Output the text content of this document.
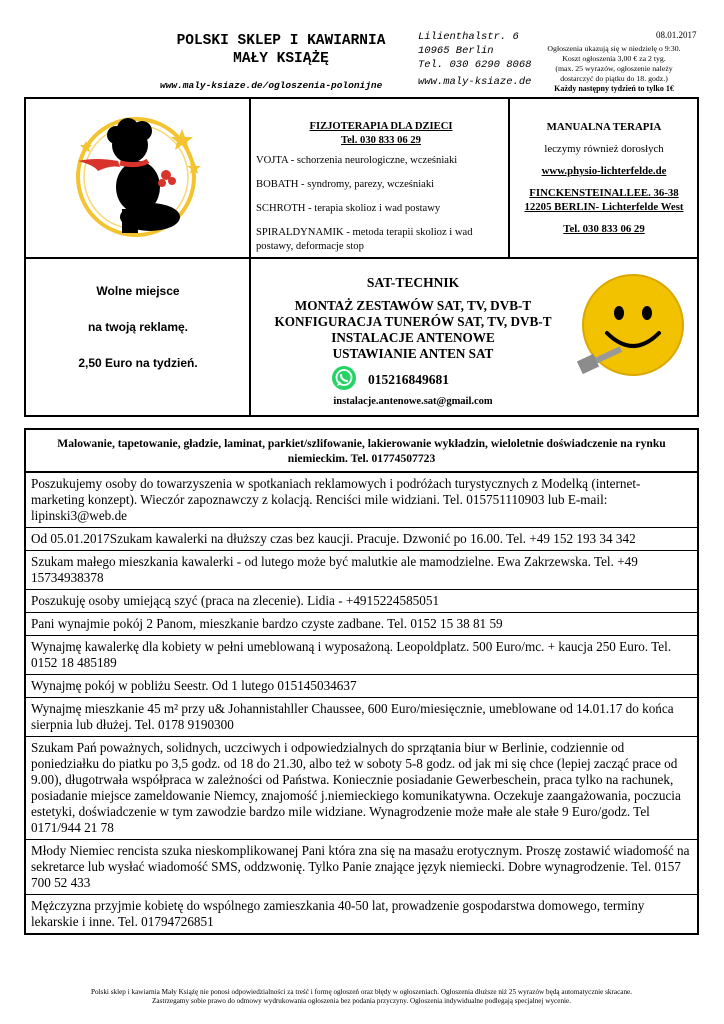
POLSKI SKLEP I KAWIARNIA
MAŁY KSIĄŻĘ
www.maly-ksiaze.de/ogloszenia-polonijne
Lilienthalstr. 6
10965 Berlin
Tel. 030 6290 8068
www.maly-ksiaze.de
08.01.2017
Ogłoszenia ukazują się w niedzielę o 9:30.
Koszt ogłoszenia 3,00 € za 2 tyg.
(max. 25 wyrazów, ogłoszenie należy
dostarczyć do piątku do 18. godz.)
Każdy następny tydzień to tylko 1€

FIZJOTERAPIA DLA DZIECI

Tel. 030 833 06 29

VOJTA - schorzenia neurologiczne, wcześniaki

BOBATH - syndromy, parezy, wcześniaki

SCHROTH - terapia skolioz i wad postawy

SPIRALDYNAMIK - metoda terapii skolioz i wad postawy, deformacje stop

MANUALNA TERAPIA

leczymy również dorosłych

www.physio-lichterfelde.de

FINCKENSTEINALLEE. 36-38

12205 BERLIN- Lichterfelde West

Tel. 030 833 06 29

Wolne miejsce

na twoją reklamę.

2,50 Euro na tydzień.

SAT-TECHNIK
MONTAŻ ZESTAWÓW SAT, TV, DVB-T
KONFIGURACJA TUNERÓW SAT, TV, DVB-T
INSTALACJE ANTENOWE
USTAWIANIE ANTEN SAT
015216849681
instalacje.antenowe.sat@gmail.com
Malowanie, tapetowanie, gładzie, laminat, parkiet/szlifowanie, lakierowanie wykładzin, wieloletnie doświadczenie na rynku niemieckim. Tel. 01774507723
Poszukujemy osoby do towarzyszenia w spotkaniach reklamowych i podróżach turystycznych z Modelką (internet-marketing konzept). Wieczór zapoznawczy z kolacją. Renciści mile widziani. Tel. 015751110903 lub E-mail: lipinski3@web.de
Od 05.01.2017Szukam kawalerki na dłuższy czas bez kaucji. Pracuje. Dzwonić po 16.00. Tel. +49 152 193 34 342
Szukam małego mieszkania kawalerki - od lutego może być malutkie ale mamodzielne. Ewa Zakrzewska. Tel. +49 15734938378
Poszukuję osoby umiejącą szyć (praca na zlecenie). Lidia - +4915224585051
Pani wynajmie pokój 2 Panom, mieszkanie bardzo czyste zadbane. Tel. 0152 15 38 81 59
Wynajmę kawalerkę dla kobiety w pełni umeblowaną i wyposażoną. Leopoldplatz. 500 Euro/mc. + kaucja 250 Euro. Tel. 0152 18 485189
Wynajmę pokój w pobliżu Seestr. Od 1 lutego 015145034637
Wynajmę mieszkanie 45 m² przy u& Johannistahller Chaussee, 600 Euro/miesięcznie, umeblowane od 14.01.17 do końca sierpnia lub dłużej. Tel. 0178 9190300
Szukam Pań poważnych, solidnych, uczciwych i odpowiedzialnych do sprzątania biur w Berlinie, codziennie od poniedziałku do piatku po 3,5 godz. od 18 do 21.30, albo też w soboty 5-8 godz. od jak mi się chce (lepiej zacząć prace od 9.00), długotrwała współpraca w zależności od Państwa. Koniecznie posiadanie Gewerbeschein, praca tylko na rachunek, posiadanie miejsce zameldowanie Niemcy, znajomość j.niemieckiego komunikatywna. Oczekuje zaangażowania, poczucia estetyki, doświadczenie w tym zawodzie bardzo mile widziane. Wynagrodzenie może małe ale stałe 9 Euro/godz. Tel 0171/944 21 78
Młody Niemiec rencista szuka nieskomplikowanej Pani która zna się na masażu erotycznym. Proszę zostawić wiadomość na sekretarce lub wysłać wiadomość SMS, oddzwonię. Tylko Panie znające język niemiecki. Dobre wynagrodzenie. Tel. 0157 700 52 433
Mężczyzna przyjmie kobietę do wspólnego zamieszkania 40-50 lat, prowadzenie gospodarstwa domowego, terminy lekarskie i inne. Tel. 01794726851
Polski sklep i kawiarnia Mały Książę nie ponosi odpowiedzialności za treść i formę ogłoszeń oraz błędy w ogłoszeniach. Ogłoszenia dłuższe niż 25 wyrazów będą automatycznie skracane.
Zastrzegamy sobie prawo do odmowy wydrukowania ogłoszenia bez podania przyczyny. Ogłoszenia indywidualne podlegają specjalnej wycenie.
